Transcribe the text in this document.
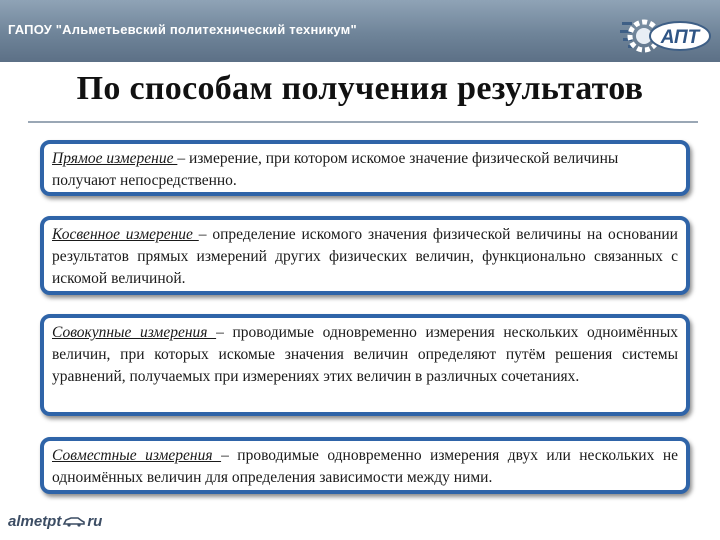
ГАПОУ "Альметьевский политехнический техникум"	АПТ
По способам получения результатов
Прямое измерение – измерение, при котором искомое значение физической величины получают непосредственно.
Косвенное измерение – определение искомого значения физической величины на основании результатов прямых измерений других физических величин, функционально связанных с искомой величиной.
Совокупные измерения – проводимые одновременно измерения нескольких одноимённых величин, при которых искомые значения величин определяют путём решения системы уравнений, получаемых при измерениях этих величин в различных сочетаниях.
Совместные измерения – проводимые одновременно измерения двух или нескольких не одноимённых величин для определения зависимости между ними.
almetpt ru
